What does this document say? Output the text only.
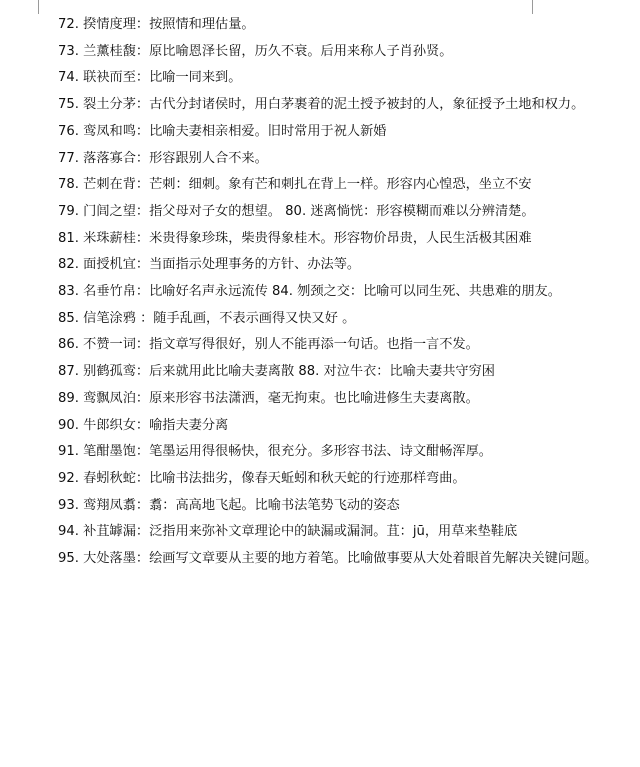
72. 揆情度理：按照情和理估量。
73. 兰薰桂馥：原比喻恩泽长留，历久不衰。后用来称人子肖孙贤。
74. 联袂而至：比喻一同来到。
75. 裂土分茅：古代分封诸侯时，用白茅裹着的泥土授予被封的人，象征授予土地和权力。
76. 鸾凤和鸣：比喻夫妻相亲相爱。旧时常用于祝人新婚
77. 落落寡合：形容跟别人合不来。
78. 芒刺在背：芒刺：细刺。象有芒和刺扎在背上一样。形容内心惶恐，坐立不安
79. 门闾之望：指父母对子女的想望。 80. 迷离惝恍：形容模糊而难以分辨清楚。
81. 米珠薪桂：米贵得象珍珠，柴贵得象桂木。形容物价昂贵，人民生活极其困难
82. 面授机宜：当面指示处理事务的方针、办法等。
83. 名垂竹帛：比喻好名声永远流传 84. 刎颈之交：比喻可以同生死、共患难的朋友。
85. 信笔涂鸦 ：随手乱画，不表示画得又快又好 。
86. 不赞一词：指文章写得很好，别人不能再添一句话。也指一言不发。
87. 别鹤孤鸾：后来就用此比喻夫妻离散 88. 对泣牛衣：比喻夫妻共守穷困
89. 鸾飘凤泊：原来形容书法潇洒，毫无拘束。也比喻进修生夫妻离散。
90. 牛郎织女：喻指夫妻分离
91. 笔酣墨饱：笔墨运用得很畅快，很充分。多形容书法、诗文酣畅浑厚。
92. 春蚓秋蛇：比喻书法拙劣，像春天蚯蚓和秋天蛇的行迹那样弯曲。
93. 鸾翔凤翥：翥：高高地飞起。比喻书法笔势飞动的姿态
94. 补苴罅漏：泛指用来弥补文章理论中的缺漏或漏洞。苴：jū，用草来垫鞋底
95. 大处落墨：绘画写文章要从主要的地方着笔。比喻做事要从大处着眼首先解决关键问题。
